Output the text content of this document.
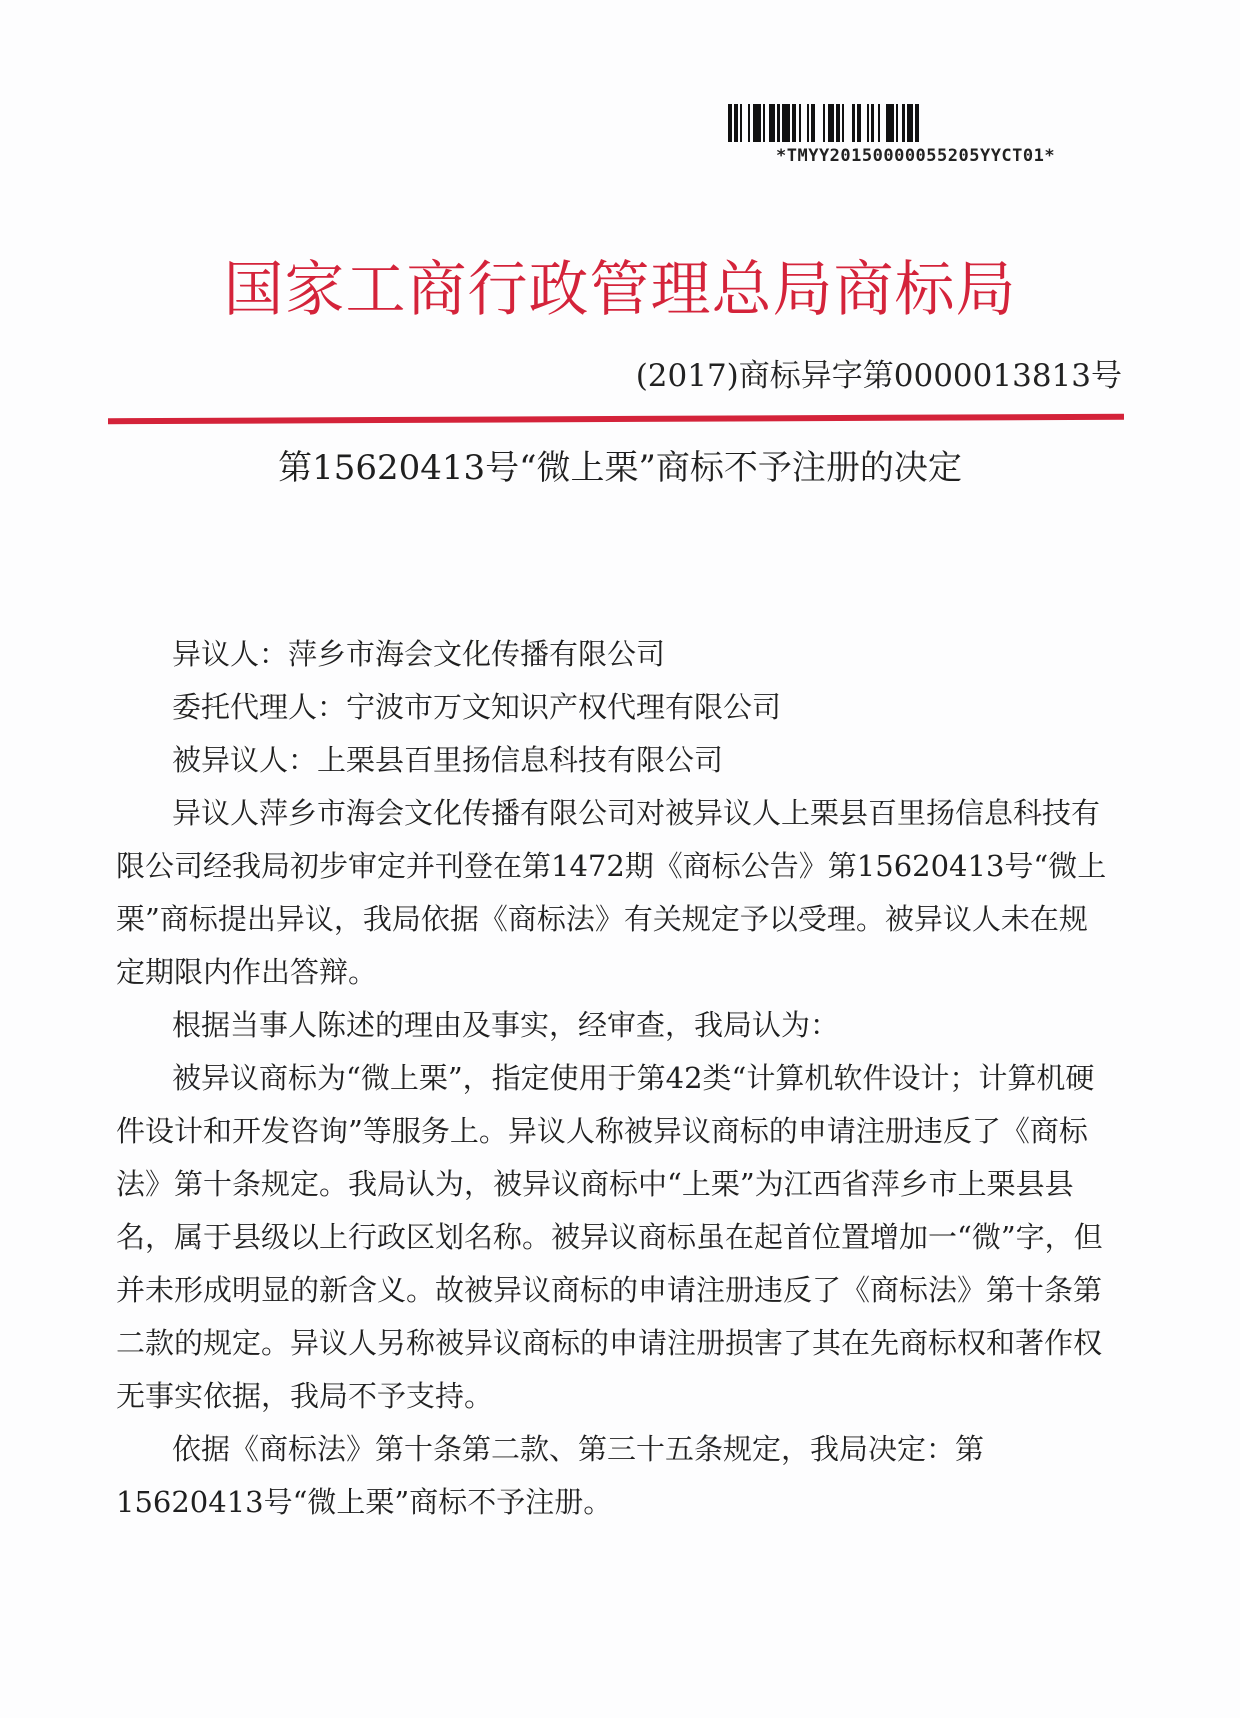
*TMYY20150000055205YYCT01*
国家工商行政管理总局商标局
(2017)商标异字第0000013813号
第15620413号“微上栗”商标不予注册的决定

异议人：萍乡市海会文化传播有限公司

委托代理人：宁波市万文知识产权代理有限公司

被异议人：上栗县百里扬信息科技有限公司

异议人萍乡市海会文化传播有限公司对被异议人上栗县百里扬信息科技有限公司经我局初步审定并刊登在第1472期《商标公告》第15620413号“微上栗”商标提出异议，我局依据《商标法》有关规定予以受理。被异议人未在规定期限内作出答辩。

根据当事人陈述的理由及事实，经审查，我局认为：

被异议商标为“微上栗”，指定使用于第42类“计算机软件设计；计算机硬件设计和开发咨询”等服务上。异议人称被异议商标的申请注册违反了《商标法》第十条规定。我局认为，被异议商标中“上栗”为江西省萍乡市上栗县县名，属于县级以上行政区划名称。被异议商标虽在起首位置增加一“微”字，但并未形成明显的新含义。故被异议商标的申请注册违反了《商标法》第十条第二款的规定。异议人另称被异议商标的申请注册损害了其在先商标权和著作权无事实依据，我局不予支持。

依据《商标法》第十条第二款、第三十五条规定，我局决定：第15620413号“微上栗”商标不予注册。
